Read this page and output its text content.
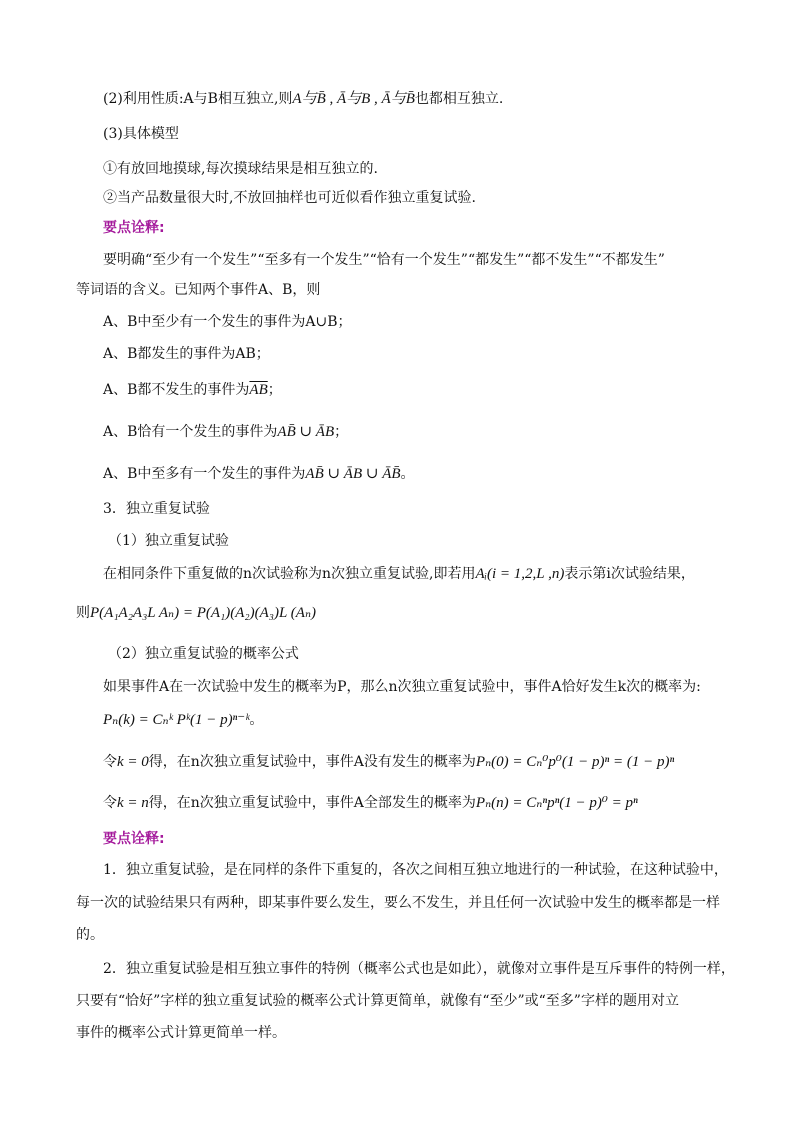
(2)利用性质:A与B相互独立,则A与B̄ , Ā与B , Ā与B̄也都相互独立.
(3)具体模型
①有放回地摸球,每次摸球结果是相互独立的.
②当产品数量很大时,不放回抽样也可近似看作独立重复试验.
要点诠释:
要明确“至少有一个发生”“至多有一个发生”“恰有一个发生”“都发生”“都不发生”“不都发生”
等词语的含义。已知两个事件A、B，则
A、B中至少有一个发生的事件为A∪B；
A、B都发生的事件为AB；
A、B都不发生的事件为$\overline{AB}$；
A、B恰有一个发生的事件为AB̄ ∪ ĀB；
A、B中至多有一个发生的事件为AB̄ ∪ ĀB ∪ ĀB̄。
3．独立重复试验
（1）独立重复试验
在相同条件下重复做的n次试验称为n次独立重复试验,即若用Aᵢ(i = 1,2,L ,n)表示第i次试验结果，
则P(A₁A₂A₃L Aₙ) = P(A₁)(A₂)(A₃)L (Aₙ)
（2）独立重复试验的概率公式
如果事件A在一次试验中发生的概率为P，那么n次独立重复试验中，事件A恰好发生k次的概率为:
Pₙ(k) = Cₙᵏ Pᵏ(1 − p)ⁿ⁻ᵏ。
令k = 0得，在n次独立重复试验中，事件A没有发生的概率为Pₙ(0) = Cₙ⁰p⁰(1 − p)ⁿ = (1 − p)ⁿ
令k = n得，在n次独立重复试验中，事件A全部发生的概率为Pₙ(n) = Cₙⁿpⁿ(1 − p)⁰ = pⁿ
要点诠释:
1．独立重复试验，是在同样的条件下重复的，各次之间相互独立地进行的一种试验，在这种试验中，
每一次的试验结果只有两种，即某事件要么发生，要么不发生，并且任何一次试验中发生的概率都是一样
的。
2．独立重复试验是相互独立事件的特例（概率公式也是如此），就像对立事件是互斥事件的特例一样，
只要有“恰好”字样的独立重复试验的概率公式计算更简单，就像有“至少”或“至多”字样的题用对立
事件的概率公式计算更简单一样。
